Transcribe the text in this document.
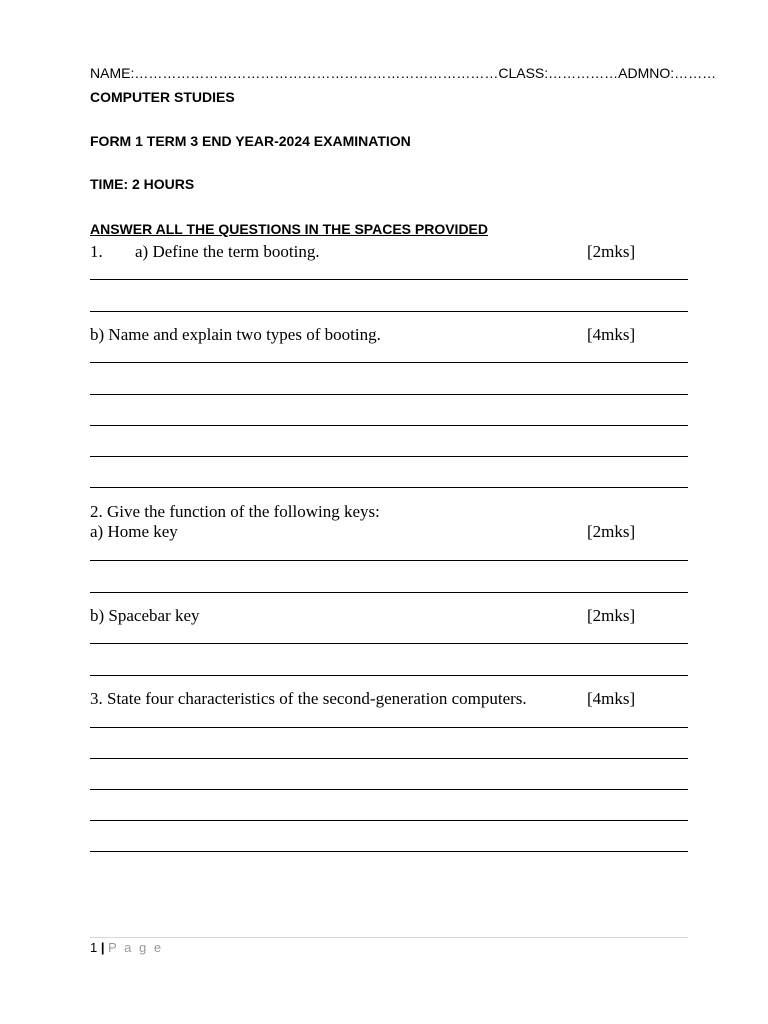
NAME:……………………………………………………………………CLASS:……………ADMNO:………
COMPUTER STUDIES
FORM 1 TERM 3 END YEAR-2024 EXAMINATION
TIME: 2 HOURS
ANSWER ALL THE QUESTIONS IN THE SPACES PROVIDED
1. a) Define the term booting.	[2mks]
b) Name and explain two types of booting.	[4mks]
2. Give the function of the following keys:
a) Home key	[2mks]
b) Spacebar key	[2mks]
3. State four characteristics of the second-generation computers.	[4mks]
1 | P a g e
